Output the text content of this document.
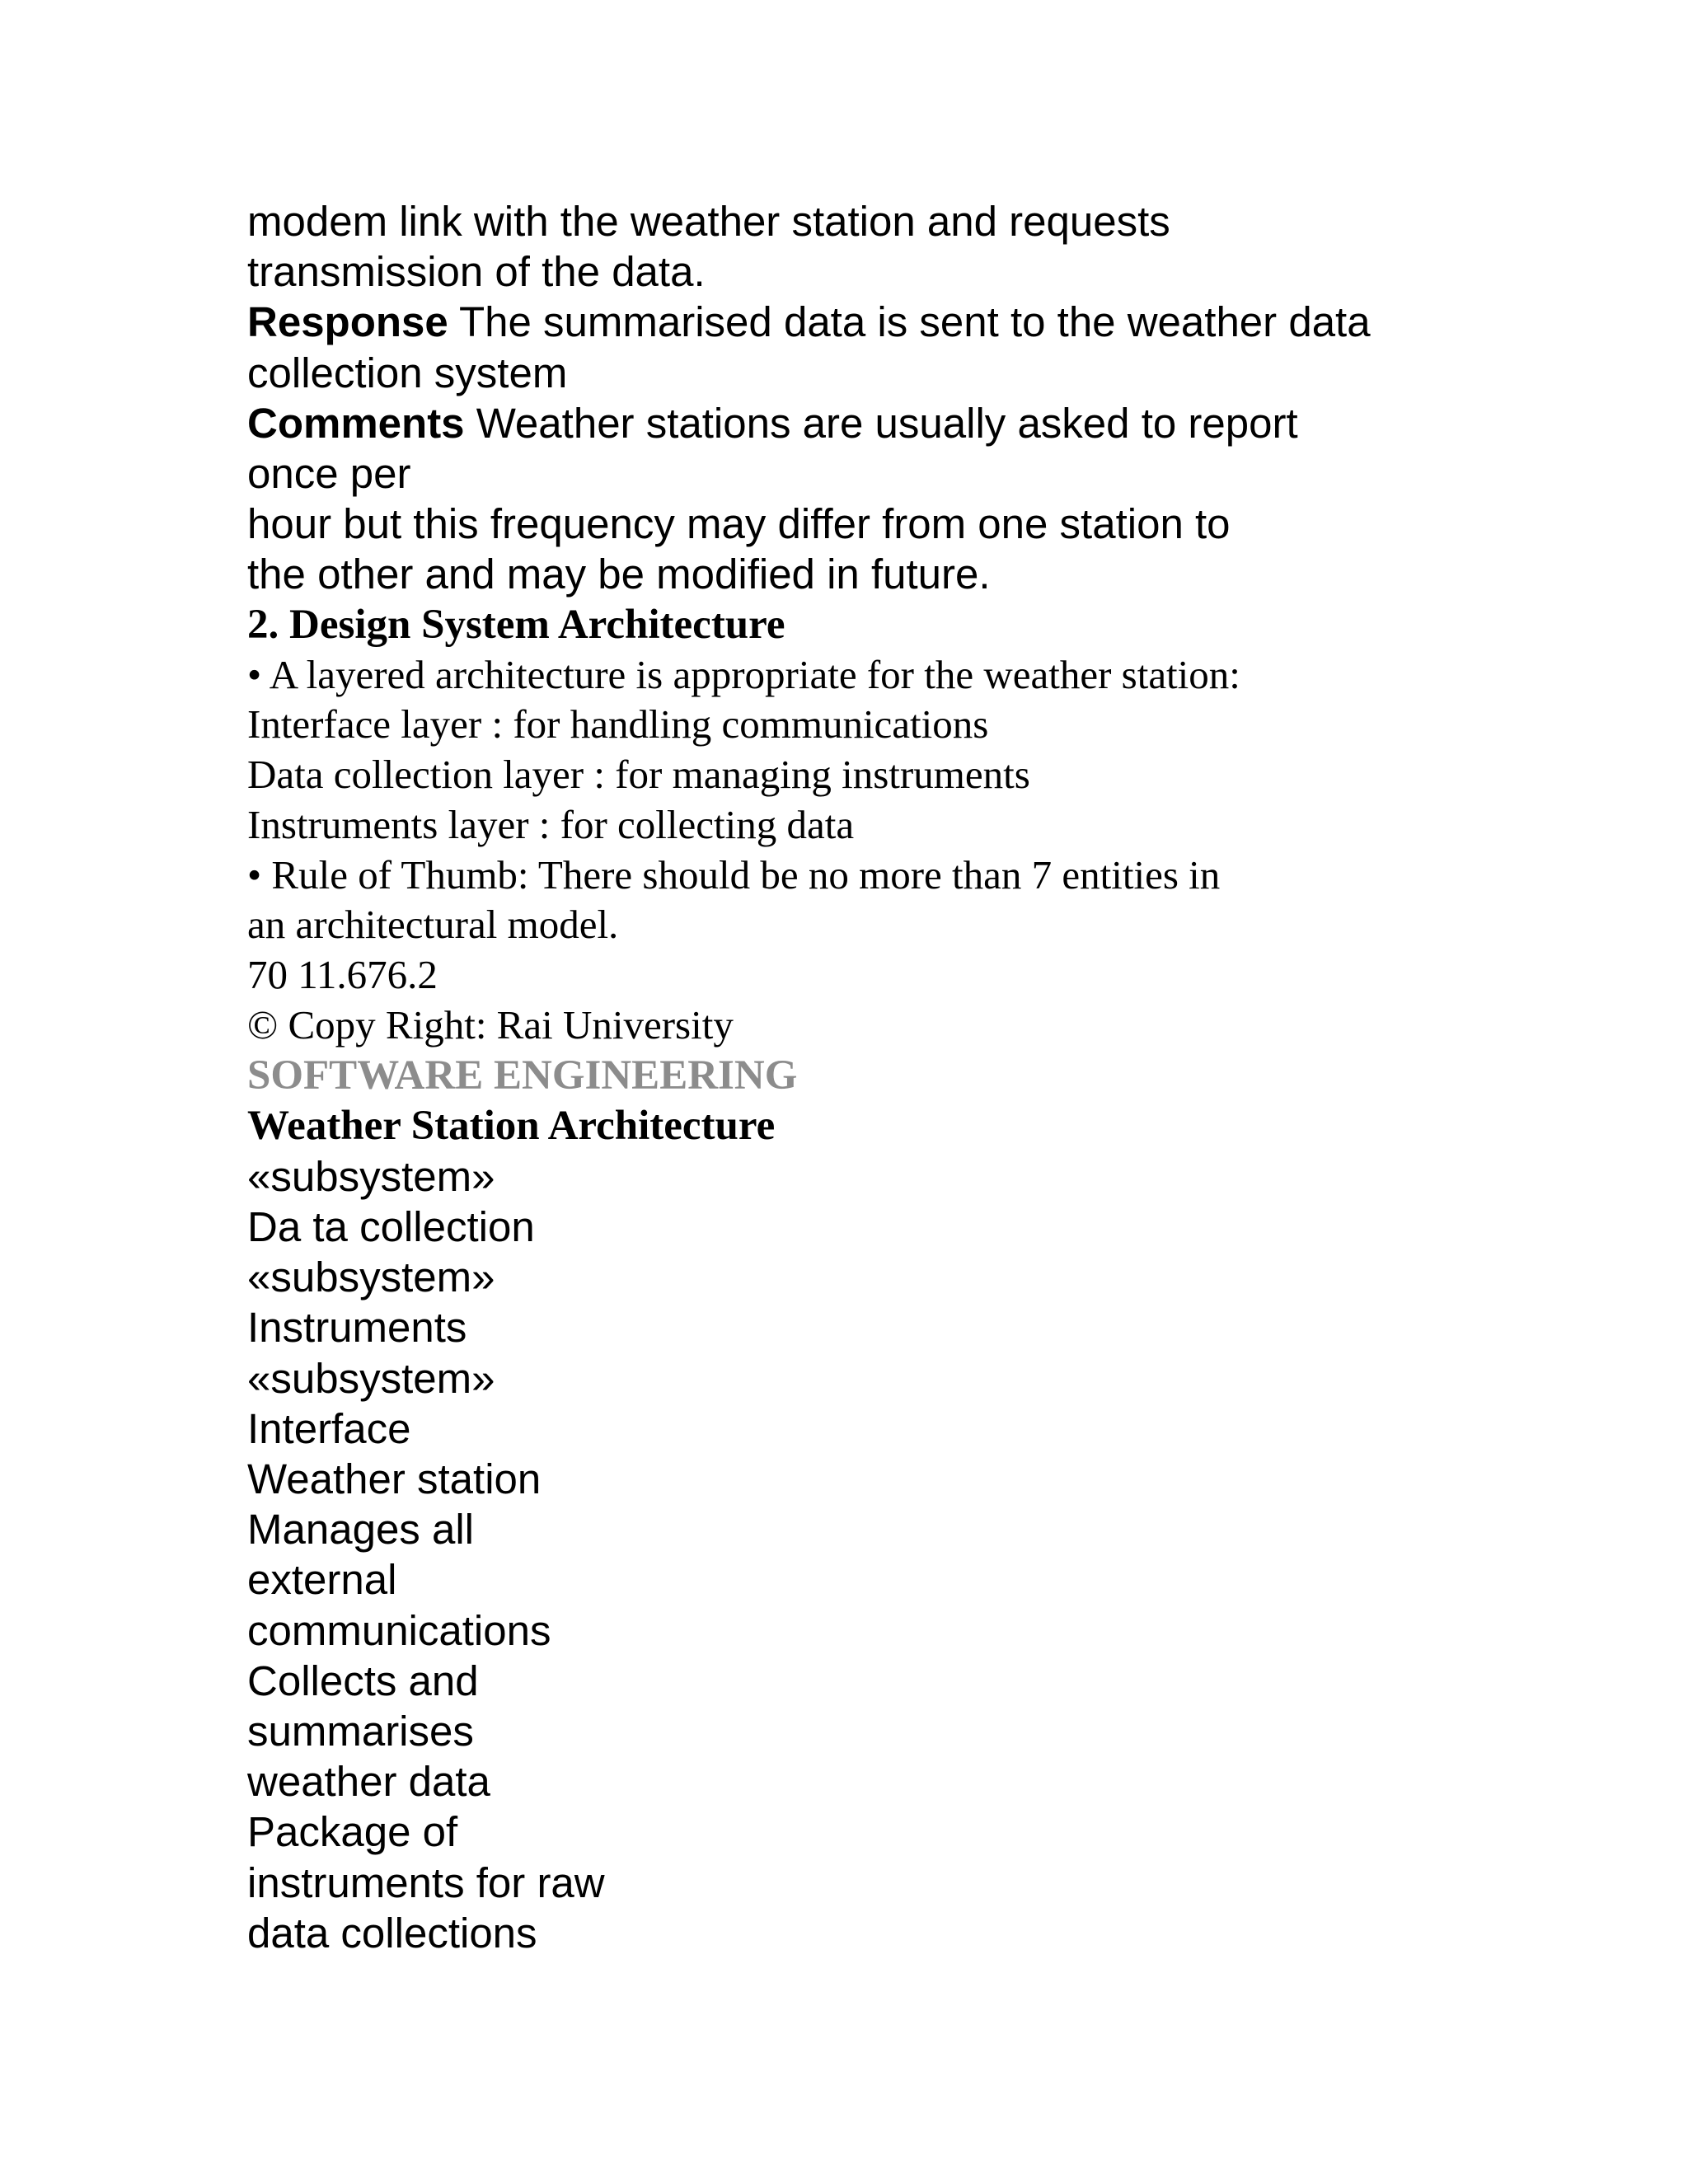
modem link with the weather station and requests
transmission of the data.
Response The summarised data is sent to the weather data
collection system
Comments Weather stations are usually asked to report
once per
hour but this frequency may differ from one station to
the other and may be modified in future.
2. Design System Architecture
• A layered architecture is appropriate for the weather station:
Interface layer : for handling communications
Data collection layer : for managing instruments
Instruments layer : for collecting data
• Rule of Thumb: There should be no more than 7 entities in
an architectural model.
70 11.676.2
© Copy Right: Rai University
SOFTWARE ENGINEERING
Weather Station Architecture
«subsystem»
Da ta collection
«subsystem»
Instruments
«subsystem»
Interface
Weather station
Manages all
external
communications
Collects and
summarises
weather data
Package of
instruments for raw
data collections
